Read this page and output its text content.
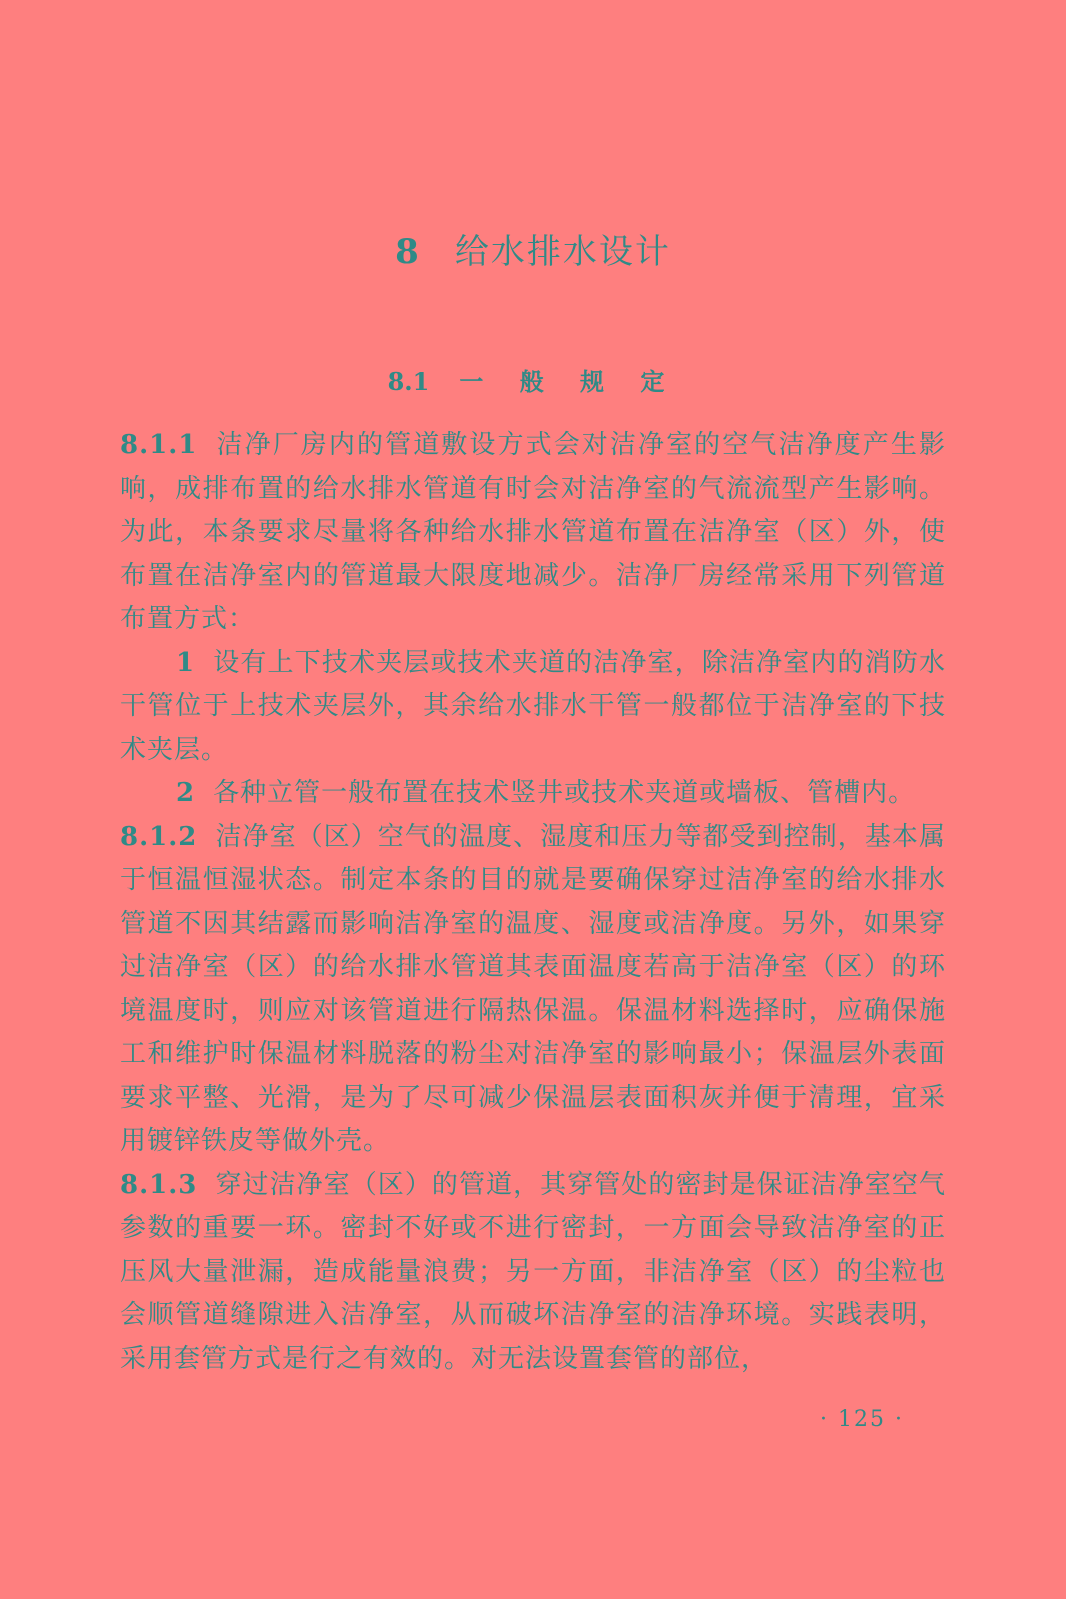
8 给水排水设计
8.1 一 般 规 定

8.1.1 洁净厂房内的管道敷设方式会对洁净室的空气洁净度产生影响，成排布置的给水排水管道有时会对洁净室的气流流型产生影响。为此，本条要求尽量将各种给水排水管道布置在洁净室（区）外，使布置在洁净室内的管道最大限度地减少。洁净厂房经常采用下列管道布置方式：

1 设有上下技术夹层或技术夹道的洁净室，除洁净室内的消防水干管位于上技术夹层外，其余给水排水干管一般都位于洁净室的下技术夹层。

2 各种立管一般布置在技术竖井或技术夹道或墙板、管槽内。

8.1.2 洁净室（区）空气的温度、湿度和压力等都受到控制，基本属于恒温恒湿状态。制定本条的目的就是要确保穿过洁净室的给水排水管道不因其结露而影响洁净室的温度、湿度或洁净度。另外，如果穿过洁净室（区）的给水排水管道其表面温度若高于洁净室（区）的环境温度时，则应对该管道进行隔热保温。保温材料选择时，应确保施工和维护时保温材料脱落的粉尘对洁净室的影响最小；保温层外表面要求平整、光滑，是为了尽可减少保温层表面积灰并便于清理，宜采用镀锌铁皮等做外壳。

8.1.3 穿过洁净室（区）的管道，其穿管处的密封是保证洁净室空气参数的重要一环。密封不好或不进行密封，一方面会导致洁净室的正压风大量泄漏，造成能量浪费；另一方面，非洁净室（区）的尘粒也会顺管道缝隙进入洁净室，从而破坏洁净室的洁净环境。实践表明，采用套管方式是行之有效的。对无法设置套管的部位，

· 125 ·
